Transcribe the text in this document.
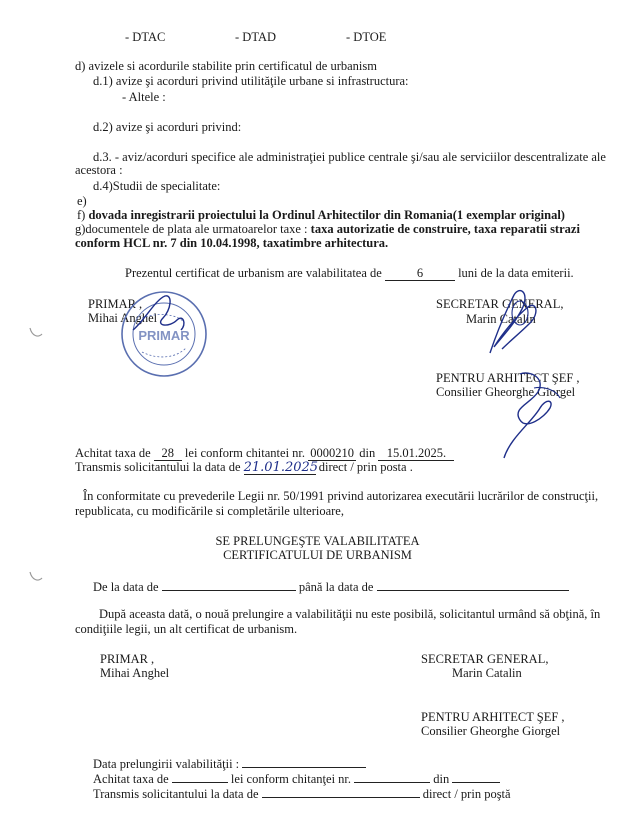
- DTAC	- DTAD	- DTOE
d) avizele si acordurile stabilite prin certificatul de urbanism
d.1) avize şi acorduri privind utilităţile urbane si infrastructura:
- Altele :
d.2) avize şi acorduri privind:
d.3. - aviz/acorduri specifice ale administraţiei publice centrale şi/sau ale serviciilor descentralizate ale
acestora :
d.4)Studii de specialitate:
e)
f) dovada inregistrarii proiectului la Ordinul Arhitectilor din Romania(1 exemplar original)
g)documentele de plata ale urmatoarelor taxe : taxa autorizatie de construire, taxa reparatii strazi
conform HCL nr. 7 din 10.04.1998, taxatimbre arhitectura.
Prezentul certificat de urbanism are valabilitatea de	6	luni de la data emiterii.
PRIMAR ,
Mihai Anghel
SECRETAR GENERAL,
Marin Catalin
PENTRU ARHITECT ŞEF ,
Consilier Gheorghe Giorgel
PRIMAR
Achitat taxa de 28 lei conform chitantei nr. 0000210 din 15.01.2025.
Transmis solicitantului la data de 21.01.2025 direct / prin posta .
În conformitate cu prevederile Legii nr. 50/1991 privind autorizarea executării lucrărilor de construcţii,
republicata, cu modificările si completările ulterioare,
SE PRELUNGEŞTE VALABILITATEA
CERTIFICATULUI DE URBANISM
De la data de	până la data de
După aceasta dată, o nouă prelungire a valabilităţii nu este posibilă, solicitantul urmând să obţină, în
condiţiile legii, un alt certificat de urbanism.
PRIMAR ,
Mihai Anghel
SECRETAR GENERAL,
Marin Catalin
PENTRU ARHITECT ŞEF ,
Consilier Gheorghe Giorgel
Data prelungirii valabilităţii :
Achitat taxa de	lei conform chitanţei nr.	din
Transmis solicitantului la data de	direct / prin poştă
